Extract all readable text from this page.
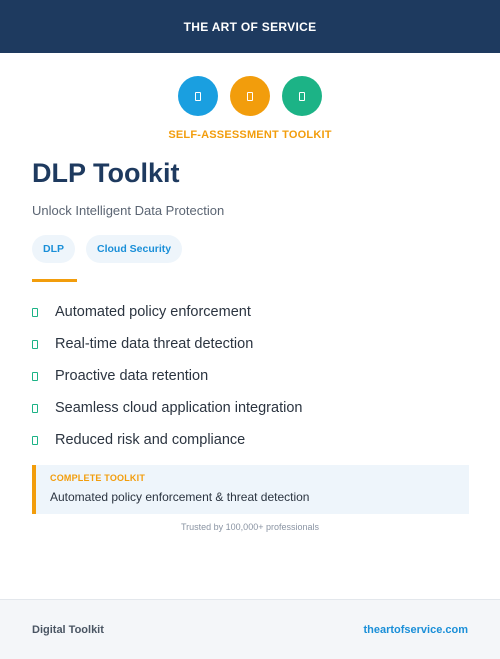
THE ART OF SERVICE
SELF-ASSESSMENT TOOLKIT
DLP Toolkit
Unlock Intelligent Data Protection
DLP	Cloud Security
Automated policy enforcement
Real-time data threat detection
Proactive data retention
Seamless cloud application integration
Reduced risk and compliance
COMPLETE TOOLKIT
Automated policy enforcement & threat detection
Trusted by 100,000+ professionals
Digital Toolkit	theartofservice.com
